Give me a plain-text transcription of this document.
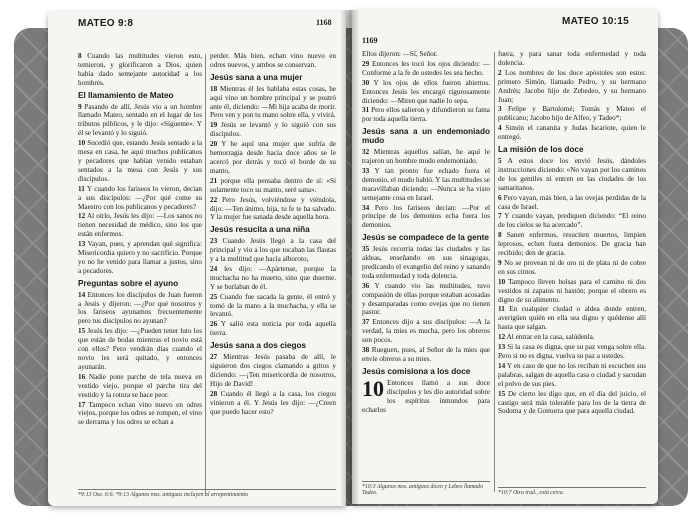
MATEO 9:8	1168

8 Cuando las multitudes vieron esto, temieron, y glorificaron a Dios, quien había dado semejante autoridad a los hombres.

El llamamiento de Mateo

9 Pasando de allí, Jesús vio a un hombre llamado Mateo, sentado en el lugar de los tributos públicos, y le dijo: «Sígueme». Y él se levantó y lo siguió.

10 Sucedió que, estando Jesús sentado a la mesa en casa, he aquí muchos publicanos y pecadores que habían venido estaban sentados a la mesa con Jesús y sus discípulos.

11 Y cuando los fariseos lo vieron, decían a sus discípulos: —¿Por qué come su Maestro con los publicanos y pecadores?

12 Al oírlo, Jesús les dijo: —Los sanos no tienen necesidad de médico, sino los que están enfermos.

13 Vayan, pues, y aprendan qué significa: Misericordia quiero y no sacrificio. Porque yo no he venido para llamar a justos, sino a pecadores.

Preguntas sobre el ayuno

14 Entonces los discípulos de Juan fueron a Jesús y dijeron: —¿Por qué nosotros y los fariseos ayunamos frecuentemente pero tus discípulos no ayunan?

15 Jesús les dijo: —¿Pueden tener luto los que están de bodas mientras el novio está con ellos? Pero vendrán días cuando el novio les será quitado, y entonces ayunarán.

16 Nadie pone parche de tela nueva en vestido viejo, porque el parche tira del vestido y la rotura se hace peor.

17 Tampoco echan vino nuevo en odres viejos, porque los odres se rompen, el vino se derrama y los odres se echan a

perder. Más bien, echan vino nuevo en odres nuevos, y ambos se conservan.

Jesús sana a una mujer

18 Mientras él les hablaba estas cosas, he aquí vino un hombre principal y se postró ante él, diciendo: —Mi hija acaba de morir. Pero ven y pon tu mano sobre ella, y vivirá.

19 Jesús se levantó y lo siguió con sus discípulos.

20 Y he aquí una mujer que sufría de hemorragia desde hacía doce años se le acercó por detrás y tocó el borde de su manto,

21 porque ella pensaba dentro de sí: «Si solamente toco su manto, seré sana».

22 Pero Jesús, volviéndose y viéndola, dijo: —Ten ánimo, hija, tu fe te ha salvado. Y la mujer fue sanada desde aquella hora.

Jesús resucita a una niña

23 Cuando Jesús llegó a la casa del principal y vio a los que tocaban las flautas y a la multitud que hacía alboroto,

24 les dijo: —Apártense, porque la muchacha no ha muerto, sino que duerme. Y se burlaban de él.

25 Cuando fue sacada la gente, él entró y tomó de la mano a la muchacha, y ella se levantó.

26 Y salió esta noticia por toda aquella tierra.

Jesús sana a dos ciegos

27 Mientras Jesús pasaba de allí, le siguieron dos ciegos clamando a gritos y diciendo: —¡Ten misericordia de nosotros, Hijo de David!

28 Cuando él llegó a la casa, los ciegos vinieron a él. Y Jesús les dijo: —¿Creen que puedo hacer esto?

*9:13 Ose. 6:6. *9:13 Algunos mss. antiguos incluyen al arrepentimiento
1169
MATEO 10:15

Ellos dijeron: —Sí, Señor.

29 Entonces les tocó los ojos diciendo: —Conforme a la fe de ustedes les sea hecho.

30 Y los ojos de ellos fueron abiertos. Entonces Jesús les encargó rigurosamente diciendo: —Miren que nadie lo sepa.

31 Pero ellos salieron y difundieron su fama por toda aquella tierra.

Jesús sana a un endemoniado mudo

32 Mientras aquellos salían, he aquí le trajeron un hombre mudo endemoniado.

33 Y tan pronto fue echado fuera el demonio, el mudo habló. Y las multitudes se maravillaban diciendo: —Nunca se ha visto semejante cosa en Israel.

34 Pero los fariseos decían: —Por el príncipe de los demonios echa fuera los demonios.

Jesús se compadece de la gente

35 Jesús recorría todas las ciudades y las aldeas, enseñando en sus sinagogas, predicando el evangelio del reino y sanando toda enfermedad y toda dolencia.

36 Y cuando vio las multitudes, tuvo compasión de ellas porque estaban acosadas y desamparadas como ovejas que no tienen pastor.

37 Entonces dijo a sus discípulos: —A la verdad, la mies es mucha, pero los obreros son pocos.

38 Rueguen, pues, al Señor de la mies que envíe obreros a su mies.

Jesús comisiona a los doce
10 Entonces llamó a sus doce discípulos y les dio autoridad sobre los espíritus inmundos para echarlos

fuera, y para sanar toda enfermedad y toda dolencia.

2 Los nombres de los doce apóstoles son estos: primero Simón, llamado Pedro, y su hermano Andrés; Jacobo hijo de Zebedeo, y su hermano Juan;

3 Felipe y Bartolomé; Tomás y Mateo el publicano; Jacobo hijo de Alfeo, y Tadeo*;

4 Simón el cananita y Judas Iscariote, quien le entregó.

La misión de los doce

5 A estos doce los envió Jesús, dándoles instrucciones diciendo: «No vayan por los caminos de los gentiles ni entren en las ciudades de los samaritanos.

6 Pero vayan, más bien, a las ovejas perdidas de la casa de Israel.

7 Y cuando vayan, prediquen diciendo: “El reino de los cielos se ha acercado”.

8 Sanen enfermos, resuciten muertos, limpien leprosos, echen fuera demonios. De gracia han recibido; den de gracia.

9 No se provean ni de oro ni de plata ni de cobre en sus cintos.

10 Tampoco lleven bolsas para el camino ni dos vestidos ni zapatos ni bastón; porque el obrero es digno de su alimento.

11 En cualquier ciudad o aldea donde entren, averigüen quién en ella sea digno y quédense allí hasta que salgan.

12 Al entrar en la casa, salúdenla.

13 Si la casa es digna, que su paz venga sobre ella. Pero si no es digna, vuelva su paz a ustedes.

14 Y en caso de que no los reciban ni escuchen sus palabras, salgan de aquella casa o ciudad y sacudan el polvo de sus pies.

15 De cierto les digo que, en el día del juicio, el castigo será más tolerable para los de la tierra de Sodoma y de Gomorra que para aquella ciudad.

*10:3 Algunos mss. antiguos dicen y Lebeo llamado Tadeo.	*10:7 Otra trad., está cerca.
